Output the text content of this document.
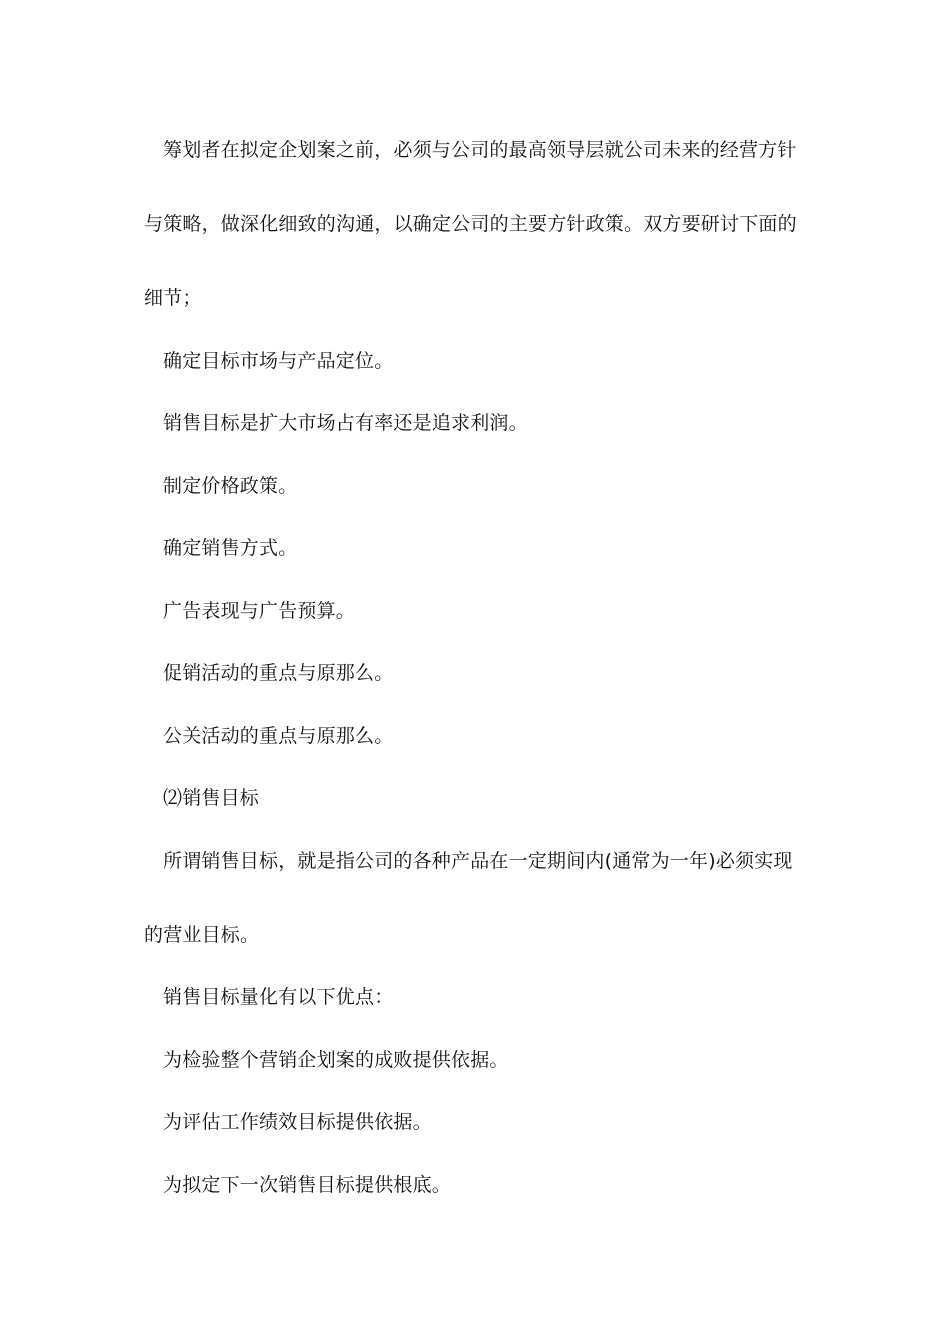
筹划者在拟定企划案之前，必须与公司的最高领导层就公司未来的经营方针
与策略，做深化细致的沟通，以确定公司的主要方针政策。双方要研讨下面的
细节；
确定目标市场与产品定位。
销售目标是扩大市场占有率还是追求利润。
制定价格政策。
确定销售方式。
广告表现与广告预算。
促销活动的重点与原那么。
公关活动的重点与原那么。
⑵销售目标
所谓销售目标，就是指公司的各种产品在一定期间内(通常为一年)必须实现
的营业目标。
销售目标量化有以下优点：
为检验整个营销企划案的成败提供依据。
为评估工作绩效目标提供依据。
为拟定下一次销售目标提供根底。
